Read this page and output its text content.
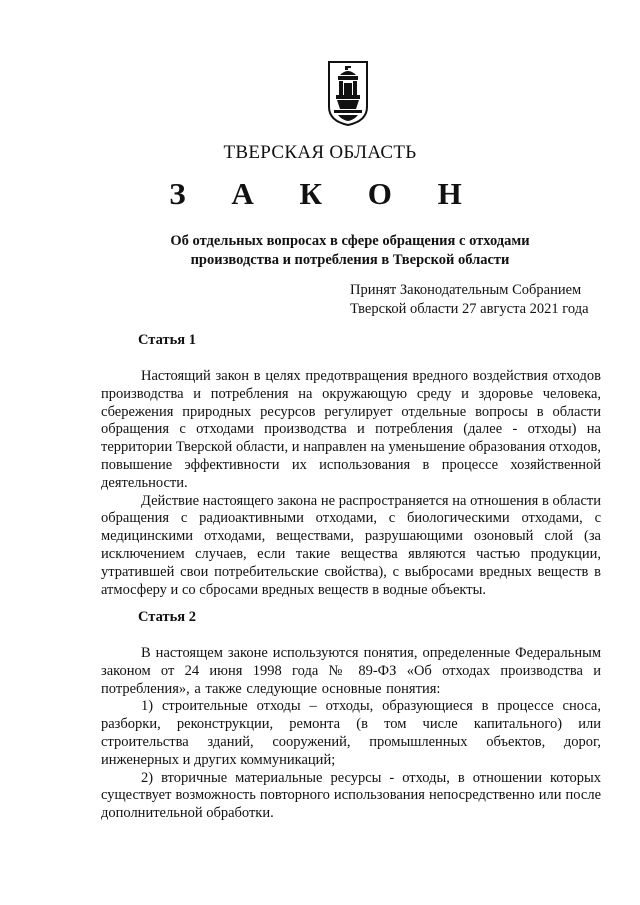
ТВЕРСКАЯ ОБЛАСТЬ
З А К О Н
Об отдельных вопросах в сфере обращения с отходами
производства и потребления в Тверской области
Принят Законодательным Собранием
Тверской области 27 августа 2021 года
Статья 1

Настоящий закон в целях предотвращения вредного воздействия отходов производства и потребления на окружающую среду и здоровье человека, сбережения природных ресурсов регулирует отдельные вопросы в области обращения с отходами производства и потребления (далее - отходы) на территории Тверской области, и направлен на уменьшение образования отходов, повышение эффективности их использования в процессе хозяйственной деятельности.

Действие настоящего закона не распространяется на отношения в области обращения с радиоактивными отходами, с биологическими отходами, с медицинскими отходами, веществами, разрушающими озоновый слой (за исключением случаев, если такие вещества являются частью продукции, утратившей свои потребительские свойства), с выбросами вредных веществ в атмосферу и со сбросами вредных веществ в водные объекты.

Статья 2

В настоящем законе используются понятия, определенные Федеральным законом от 24 июня 1998 года № 89-ФЗ «Об отходах производства и потребления», а также следующие основные понятия:

1) строительные отходы – отходы, образующиеся в процессе сноса, разборки, реконструкции, ремонта (в том числе капитального) или строительства зданий, сооружений, промышленных объектов, дорог, инженерных и других коммуникаций;

2) вторичные материальные ресурсы - отходы, в отношении которых существует возможность повторного использования непосредственно или после дополнительной обработки.
